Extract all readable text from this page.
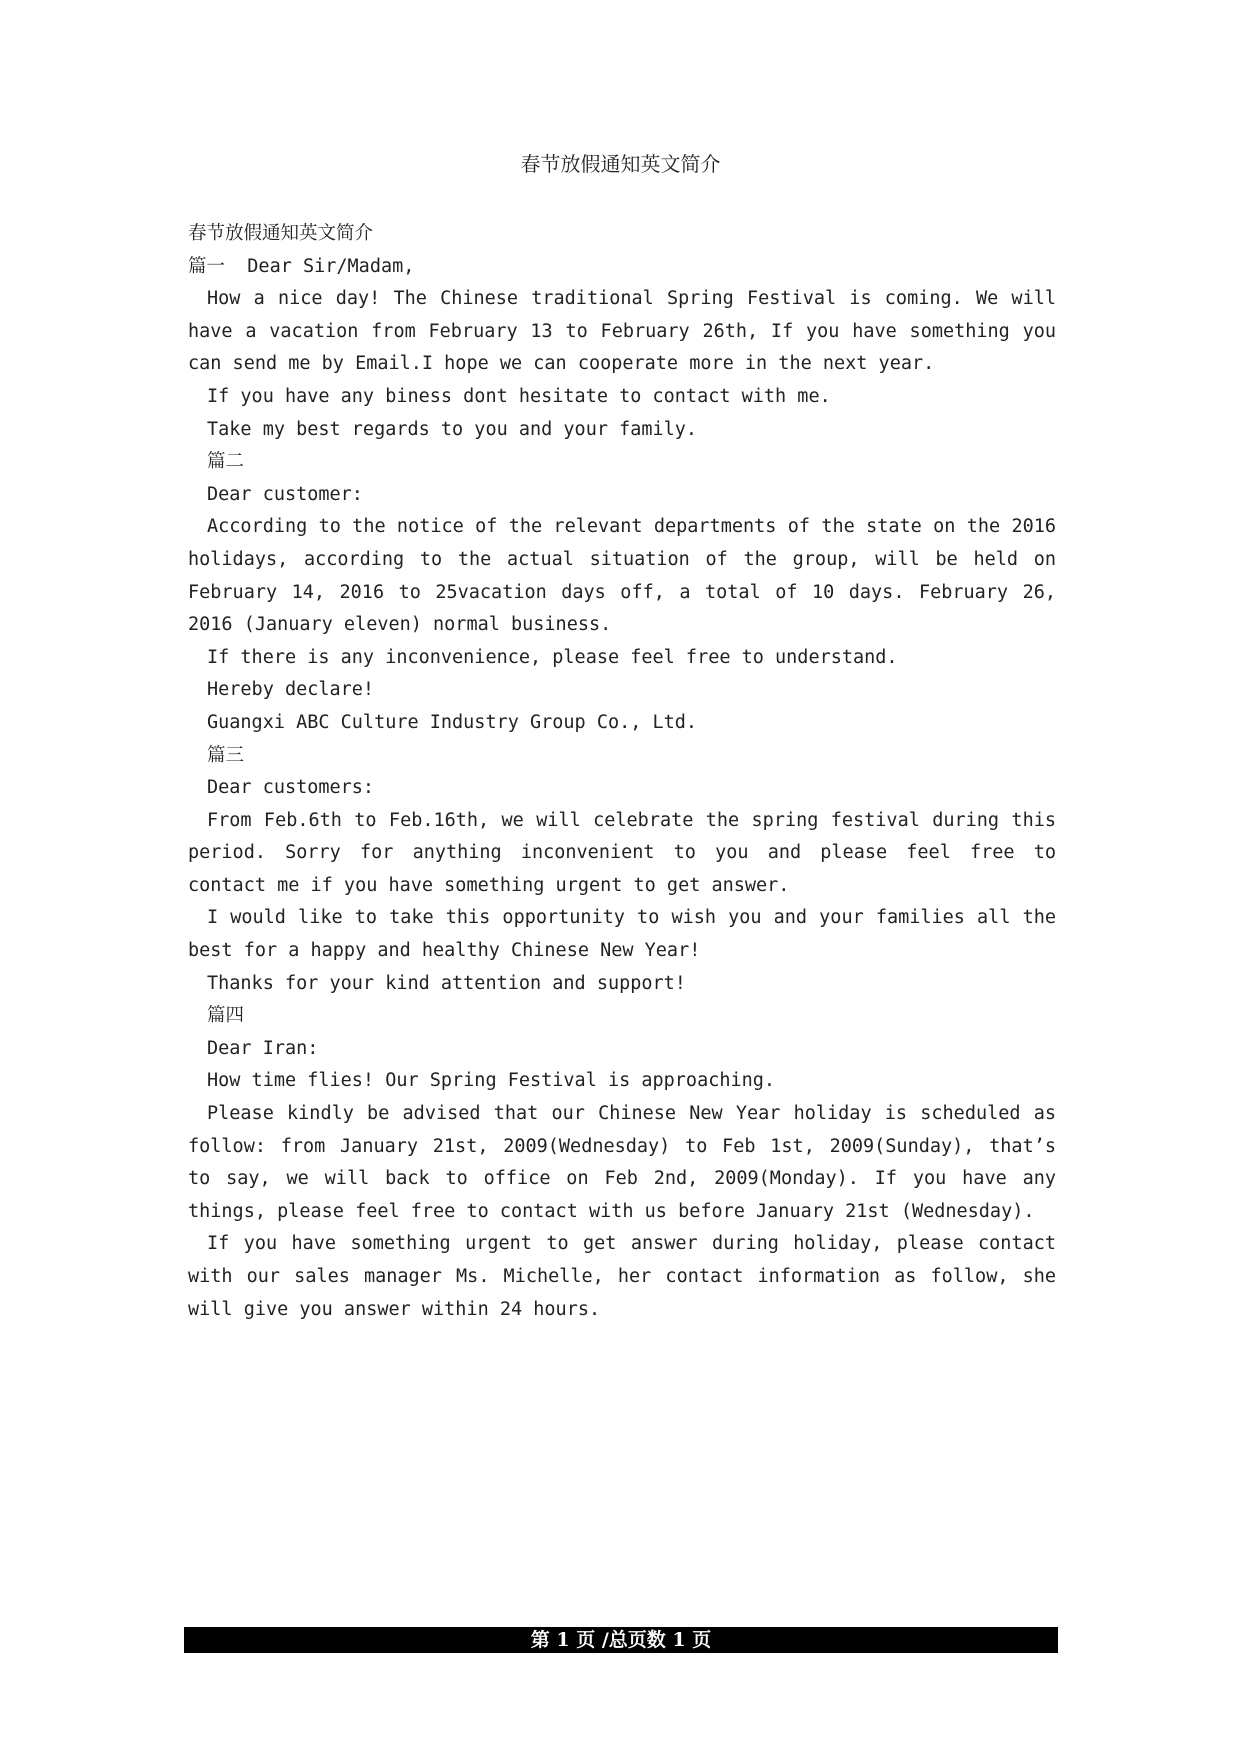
春节放假通知英文简介

春节放假通知英文简介

篇一 Dear Sir/Madam,

How a nice day! The Chinese traditional Spring Festival is coming. We will have a vacation from February 13 to February 26th, If you have something you can send me by Email.I hope we can cooperate more in the next year.

If you have any biness dont hesitate to contact with me.

Take my best regards to you and your family.

篇二

Dear customer:

According to the notice of the relevant departments of the state on the 2016 holidays, according to the actual situation of the group, will be held on February 14, 2016 to 25vacation days off, a total of 10 days. February 26, 2016 (January eleven) normal business.

If there is any inconvenience, please feel free to understand.

Hereby declare!

Guangxi ABC Culture Industry Group Co., Ltd.

篇三

Dear customers:

From Feb.6th to Feb.16th, we will celebrate the spring festival during this period. Sorry for anything inconvenient to you and please feel free to contact me if you have something urgent to get answer.

I would like to take this opportunity to wish you and your families all the best for a happy and healthy Chinese New Year!

Thanks for your kind attention and support!

篇四

Dear Iran:

How time flies! Our Spring Festival is approaching.

Please kindly be advised that our Chinese New Year holiday is scheduled as follow: from January 21st, 2009(Wednesday) to Feb 1st, 2009(Sunday), that’s to say, we will back to office on Feb 2nd, 2009(Monday). If you have any things, please feel free to contact with us before January 21st (Wednesday).

If you have something urgent to get answer during holiday, please contact with our sales manager Ms. Michelle, her contact information as follow, she will give you answer within 24 hours.

第 1 页 /总页数 1 页
